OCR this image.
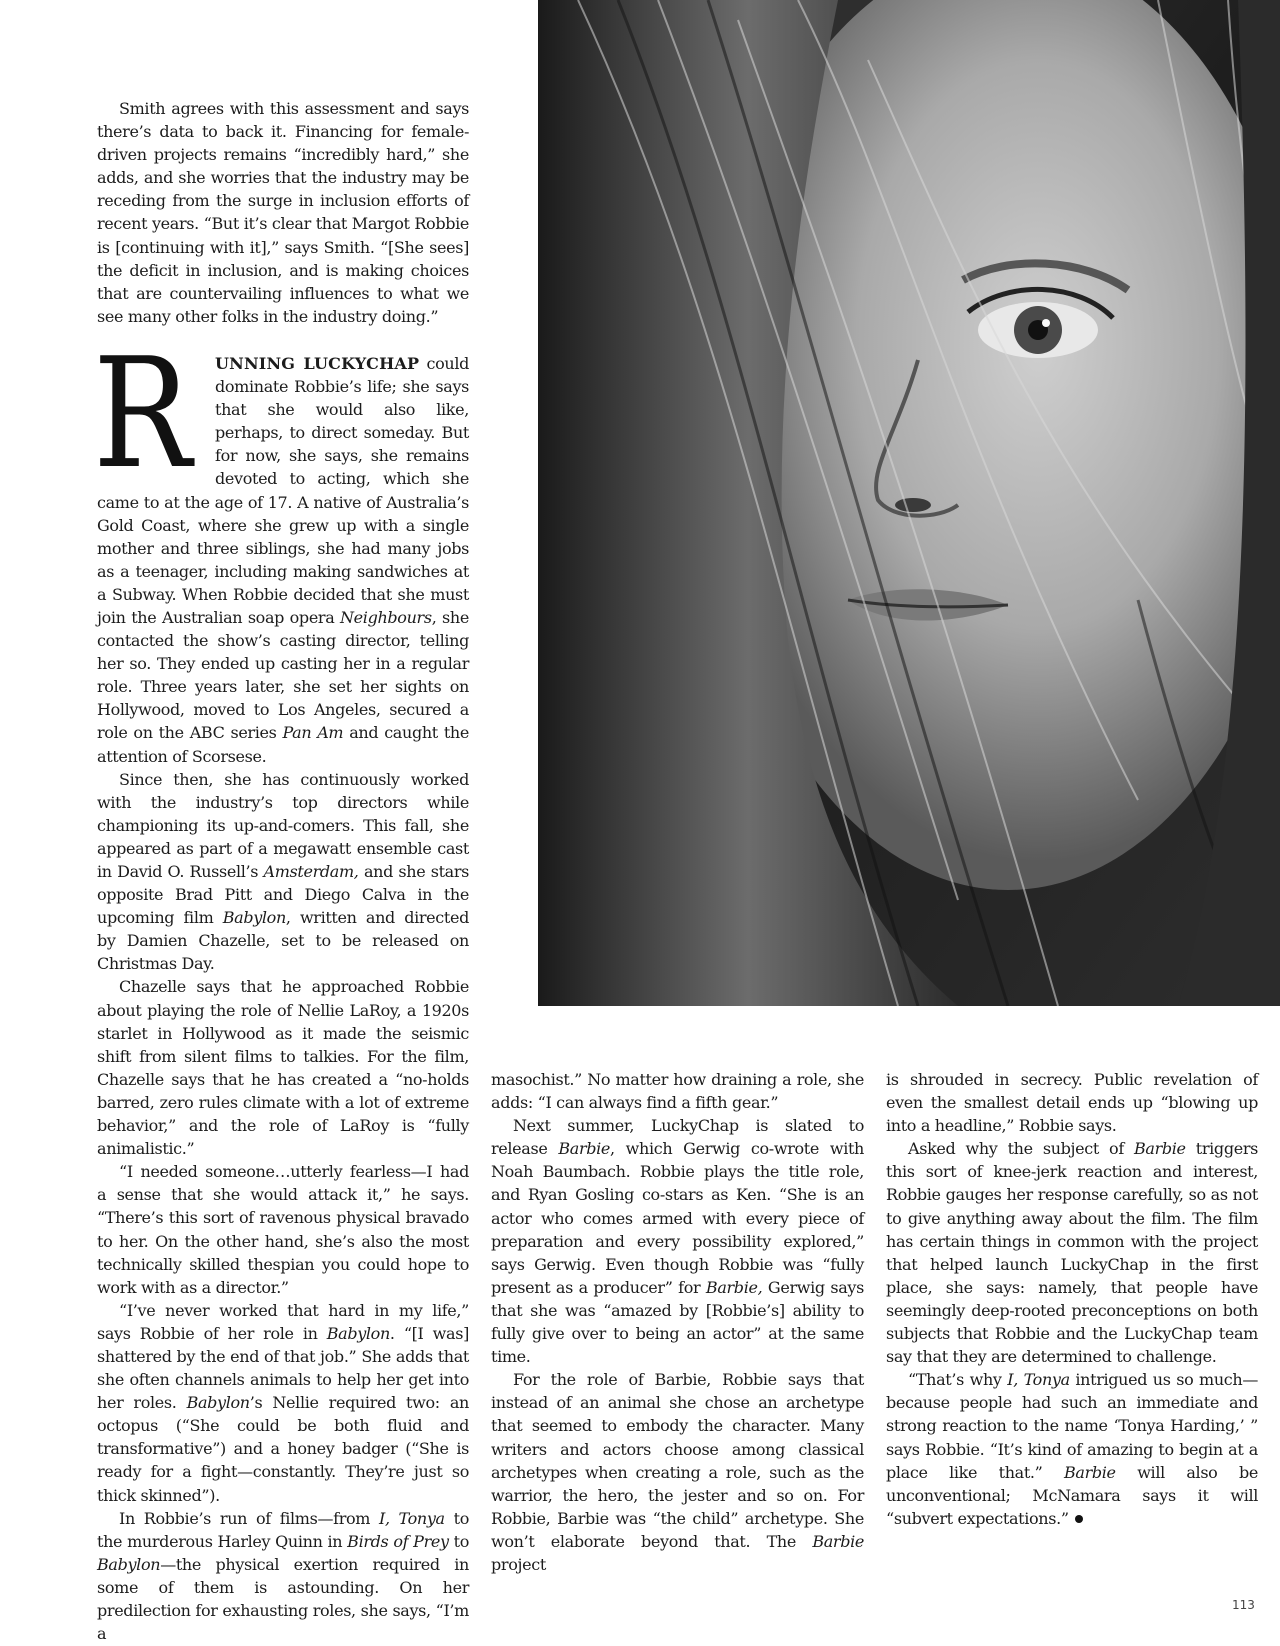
Smith agrees with this assessment and says there’s data to back it. Financing for female-driven projects remains “incredibly hard,” she adds, and she worries that the industry may be receding from the surge in inclusion efforts of recent years. “But it’s clear that Margot Robbie is [continuing with it],” says Smith. “[She sees] the deficit in inclusion, and is making choices that are countervailing influences to what we see many other folks in the industry doing.”

R UNNING LUCKYCHAP could dominate Robbie’s life; she says that she would also like, perhaps, to direct someday. But for now, she says, she remains devoted to acting, which she came to at the age of 17. A native of Australia’s Gold Coast, where she grew up with a single mother and three siblings, she had many jobs as a teenager, including making sandwiches at a Subway. When Robbie decided that she must join the Australian soap opera Neighbours, she contacted the show’s casting director, telling her so. They ended up casting her in a regular role. Three years later, she set her sights on Hollywood, moved to Los Angeles, secured a role on the ABC series Pan Am and caught the attention of Scorsese.

Since then, she has continuously worked with the industry’s top directors while championing its up-and-comers. This fall, she appeared as part of a megawatt ensemble cast in David O. Russell’s Amsterdam, and she stars opposite Brad Pitt and Diego Calva in the upcoming film Babylon, written and directed by Damien Chazelle, set to be released on Christmas Day.

Chazelle says that he approached Robbie about playing the role of Nellie LaRoy, a 1920s starlet in Hollywood as it made the seismic shift from silent films to talkies. For the film, Chazelle says that he has created a “no-holds barred, zero rules climate with a lot of extreme behavior,” and the role of LaRoy is “fully animalistic.”

“I needed someone…utterly fearless—I had a sense that she would attack it,” he says. “There’s this sort of ravenous physical bravado to her. On the other hand, she’s also the most technically skilled thespian you could hope to work with as a director.”

“I’ve never worked that hard in my life,” says Robbie of her role in Babylon. “[I was] shattered by the end of that job.” She adds that she often channels animals to help her get into her roles. Babylon’s Nellie required two: an octopus (“She could be both fluid and transformative”) and a honey badger (“She is ready for a fight—constantly. They’re just so thick skinned”).

In Robbie’s run of films—from I, Tonya to the murderous Harley Quinn in Birds of Prey to Babylon—the physical exertion required in some of them is astounding. On her predilection for exhausting roles, she says, “I’m a

masochist.” No matter how draining a role, she adds: “I can always find a fifth gear.”

Next summer, LuckyChap is slated to release Barbie, which Gerwig co-wrote with Noah Baumbach. Robbie plays the title role, and Ryan Gosling co-stars as Ken. “She is an actor who comes armed with every piece of preparation and every possibility explored,” says Gerwig. Even though Robbie was “fully present as a producer” for Barbie, Gerwig says that she was “amazed by [Robbie’s] ability to fully give over to being an actor” at the same time.

For the role of Barbie, Robbie says that instead of an animal she chose an archetype that seemed to embody the character. Many writers and actors choose among classical archetypes when creating a role, such as the warrior, the hero, the jester and so on. For Robbie, Barbie was “the child” archetype. She won’t elaborate beyond that. The Barbie project

is shrouded in secrecy. Public revelation of even the smallest detail ends up “blowing up into a headline,” Robbie says.

Asked why the subject of Barbie triggers this sort of knee-jerk reaction and interest, Robbie gauges her response carefully, so as not to give anything away about the film. The film has certain things in common with the project that helped launch LuckyChap in the first place, she says: namely, that people have seemingly deep-rooted preconceptions on both subjects that Robbie and the LuckyChap team say that they are determined to challenge.

“That’s why I, Tonya intrigued us so much—because people had such an immediate and strong reaction to the name ‘Tonya Harding,’ ” says Robbie. “It’s kind of amazing to begin at a place like that.” Barbie will also be unconventional; McNamara says it will “subvert expectations.”

113
